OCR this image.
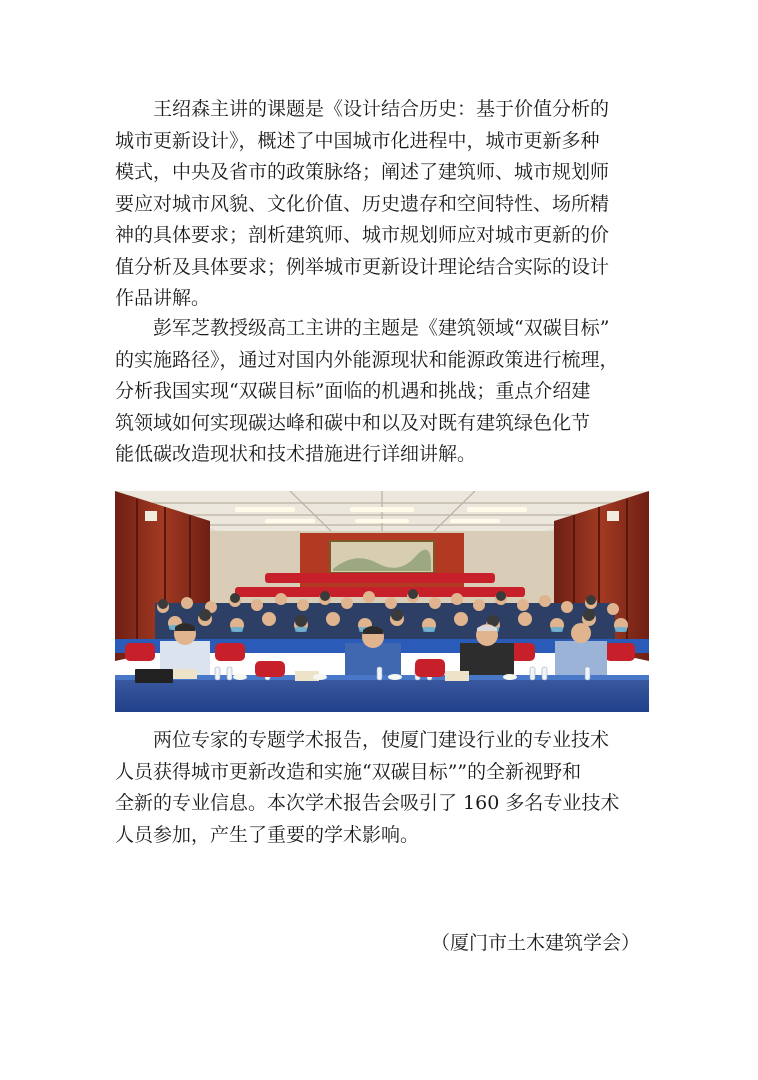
王绍森主讲的课题是《设计结合历史：基于价值分析的
城市更新设计》，概述了中国城市化进程中，城市更新多种
模式，中央及省市的政策脉络；阐述了建筑师、城市规划师
要应对城市风貌、文化价值、历史遗存和空间特性、场所精
神的具体要求；剖析建筑师、城市规划师应对城市更新的价
值分析及具体要求；例举城市更新设计理论结合实际的设计
作品讲解。

彭军芝教授级高工主讲的主题是《建筑领域“双碳目标”
的实施路径》，通过对国内外能源现状和能源政策进行梳理，
分析我国实现“双碳目标”面临的机遇和挑战；重点介绍建
筑领域如何实现碳达峰和碳中和以及对既有建筑绿色化节
能低碳改造现状和技术措施进行详细讲解。

两位专家的专题学术报告，使厦门建设行业的专业技术
人员获得城市更新改造和实施“双碳目标””的全新视野和
全新的专业信息。本次学术报告会吸引了 160 多名专业技术
人员参加，产生了重要的学术影响。

（厦门市土木建筑学会）
